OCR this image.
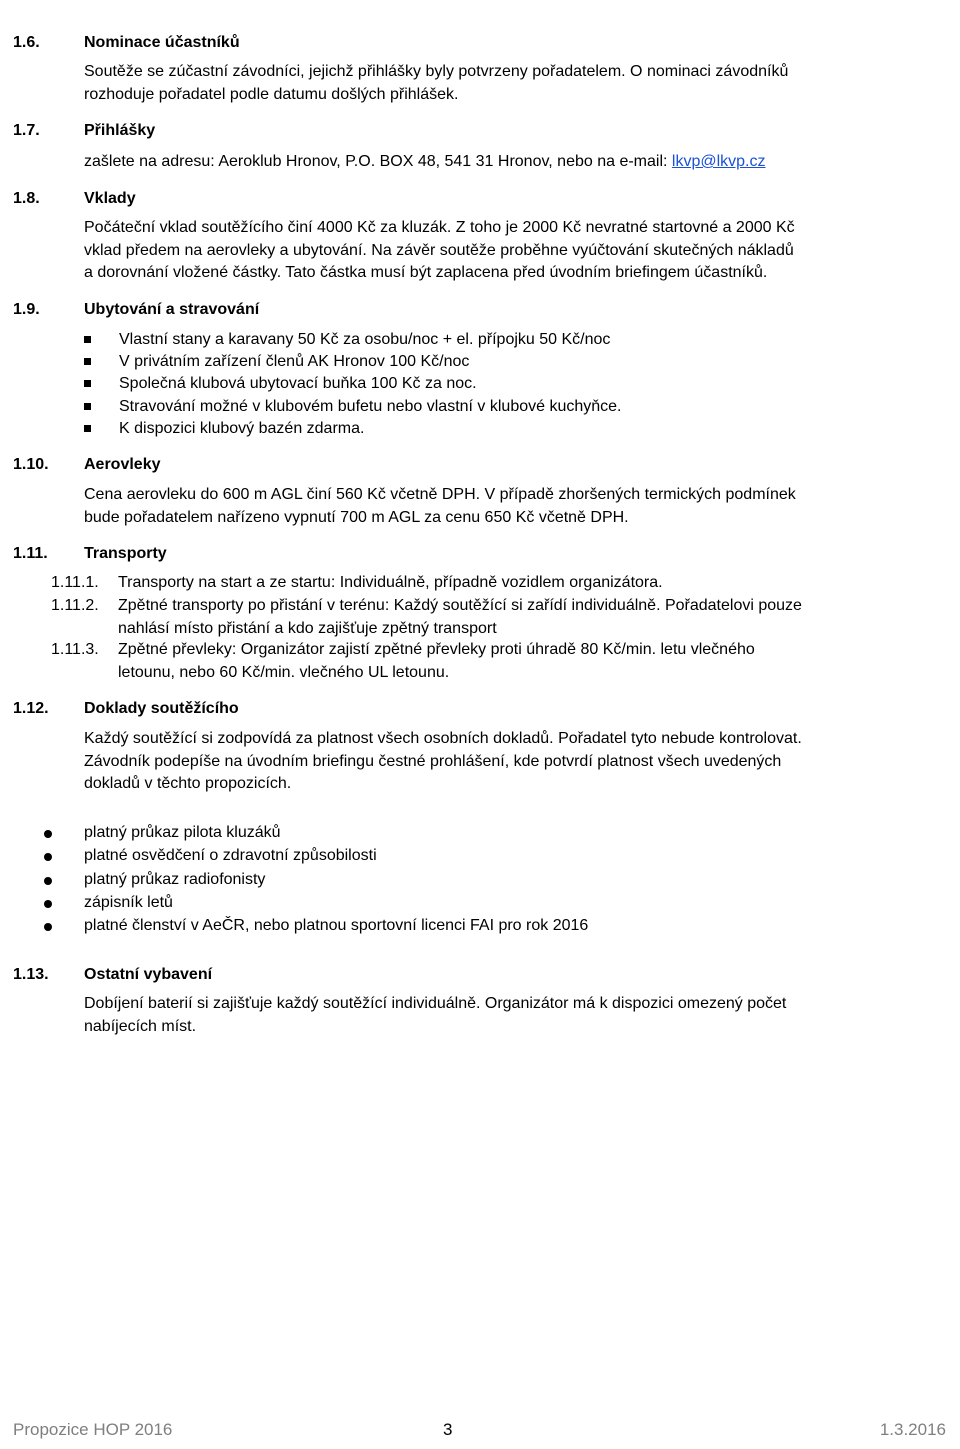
1.6.	Nominace účastníků
Soutěže se zúčastní závodníci, jejichž přihlášky byly potvrzeny pořadatelem. O nominaci závodníků
rozhoduje pořadatel podle datumu došlých přihlášek.
1.7.	Přihlášky
zašlete na adresu: Aeroklub Hronov, P.O. BOX 48, 541 31 Hronov, nebo na e-mail: lkvp@lkvp.cz
1.8.	Vklady
Počáteční vklad soutěžícího činí 4000 Kč za kluzák. Z toho je 2000 Kč nevratné startovné a 2000 Kč
vklad předem na aerovleky a ubytování. Na závěr soutěže proběhne vyúčtování skutečných nákladů
a dorovnání vložené částky. Tato částka musí být zaplacena před úvodním briefingem účastníků.
1.9.	Ubytování a stravování
Vlastní stany a karavany 50 Kč za osobu/noc + el. přípojku 50 Kč/noc
V privátním zařízení členů AK Hronov 100 Kč/noc
Společná klubová ubytovací buňka 100 Kč za noc.
Stravování možné v klubovém bufetu nebo vlastní v klubové kuchyňce.
K dispozici klubový bazén zdarma.
1.10. Aerovleky
Cena aerovleku do 600 m AGL činí 560 Kč včetně DPH. V případě zhoršených termických podmínek
bude pořadatelem nařízeno vypnutí 700 m AGL za cenu 650 Kč včetně DPH.
1.11. Transporty
1.11.1. Transporty na start a ze startu: Individuálně, případně vozidlem organizátora.
1.11.2. Zpětné transporty po přistání v terénu: Každý soutěžící si zařídí individuálně. Pořadatelovi pouze
nahlásí místo přistání a kdo zajišťuje zpětný transport
1.11.3. Zpětné převleky: Organizátor zajistí zpětné převleky proti úhradě 80 Kč/min. letu vlečného
letounu, nebo 60 Kč/min. vlečného UL letounu.
1.12. Doklady soutěžícího
Každý soutěžící si zodpovídá za platnost všech osobních dokladů. Pořadatel tyto nebude kontrolovat.
Závodník podepíše na úvodním briefingu čestné prohlášení, kde potvrdí platnost všech uvedených
dokladů v těchto propozicích.
platný průkaz pilota kluzáků
platné osvědčení o zdravotní způsobilosti
platný průkaz radiofonisty
zápisník letů
platné členství v AeČR, nebo platnou sportovní licenci FAI pro rok 2016
1.13. Ostatní vybavení
Dobíjení baterií si zajišťuje každý soutěžící individuálně. Organizátor má k dispozici omezený počet
nabíjecích míst.
Propozice HOP 2016	3	1.3.2016
